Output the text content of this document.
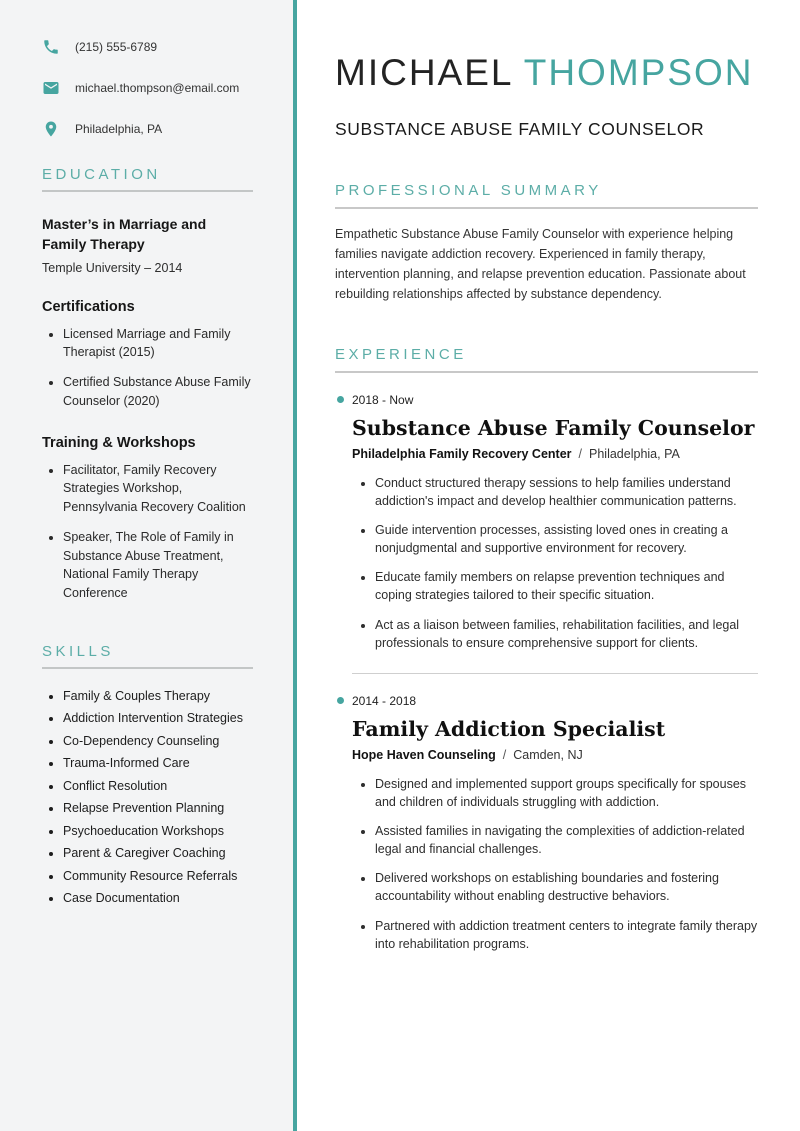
(215) 555-6789
michael.thompson@email.com
Philadelphia, PA
EDUCATION
Master’s in Marriage and Family Therapy

Temple University – 2014

Certifications
• Licensed Marriage and Family Therapist (2015)
• Certified Substance Abuse Family Counselor (2020)
Training & Workshops
• Facilitator, Family Recovery Strategies Workshop, Pennsylvania Recovery Coalition
• Speaker, The Role of Family in Substance Abuse Treatment, National Family Therapy Conference
SKILLS
• Family & Couples Therapy
• Addiction Intervention Strategies
• Co-Dependency Counseling
• Trauma-Informed Care
• Conflict Resolution
• Relapse Prevention Planning
• Psychoeducation Workshops
• Parent & Caregiver Coaching
• Community Resource Referrals
• Case Documentation
MICHAEL THOMPSON
SUBSTANCE ABUSE FAMILY COUNSELOR
PROFESSIONAL SUMMARY

Empathetic Substance Abuse Family Counselor with experience helping families navigate addiction recovery. Experienced in family therapy, intervention planning, and relapse prevention education. Passionate about rebuilding relationships affected by substance dependency.

EXPERIENCE
2018 - Now
Substance Abuse Family Counselor
Philadelphia Family Recovery Center / Philadelphia, PA
• Conduct structured therapy sessions to help families understand addiction's impact and develop healthier communication patterns.
• Guide intervention processes, assisting loved ones in creating a nonjudgmental and supportive environment for recovery.
• Educate family members on relapse prevention techniques and coping strategies tailored to their specific situation.
• Act as a liaison between families, rehabilitation facilities, and legal professionals to ensure comprehensive support for clients.
2014 - 2018
Family Addiction Specialist
Hope Haven Counseling / Camden, NJ
• Designed and implemented support groups specifically for spouses and children of individuals struggling with addiction.
• Assisted families in navigating the complexities of addiction-related legal and financial challenges.
• Delivered workshops on establishing boundaries and fostering accountability without enabling destructive behaviors.
• Partnered with addiction treatment centers to integrate family therapy into rehabilitation programs.
